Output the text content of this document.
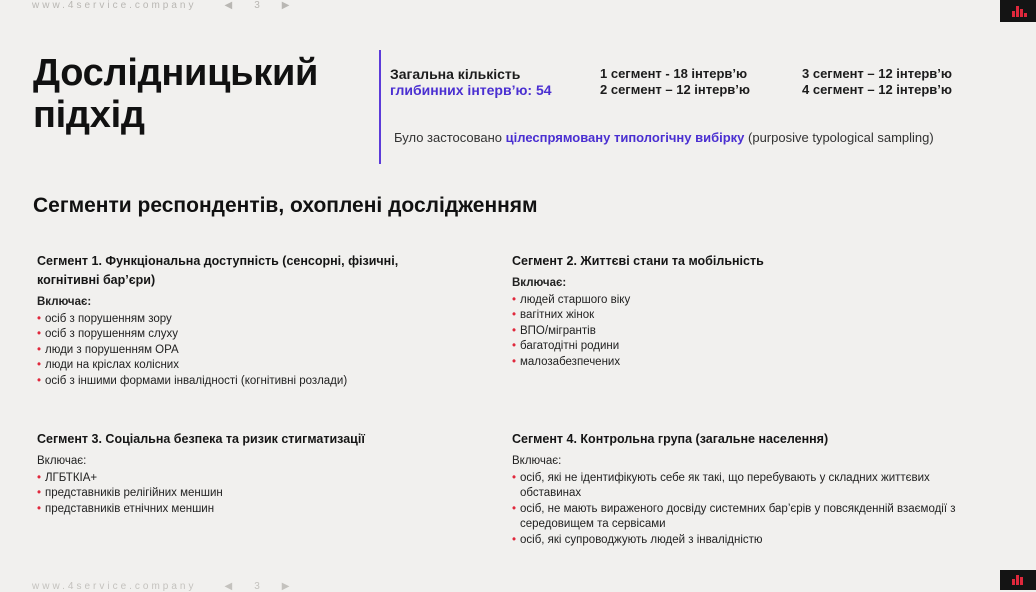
www.4service.company	◀ 3 ▶
Дослідницький
підхід
Загальна кількість
глибинних інтерв’ю: 54
1 сегмент - 18 інтерв’ю
2 сегмент – 12 інтерв’ю
3 сегмент – 12 інтерв’ю
4 сегмент – 12 інтерв’ю
Було застосовано цілеспрямовану типологічну вибірку (purposive typological sampling)
Сегменти респондентів, охоплені дослідженням
Сегмент 1. Функціональна доступність (сенсорні, фізичні, когнітивні бар’єри)
Включає:
• осіб з порушенням зору
• осіб з порушенням слуху
• люди з порушенням ОРА
• люди на кріслах колісних
• осіб з іншими формами інвалідності (когнітивні розлади)
Сегмент 2. Життєві стани та мобільність
Включає:
• людей старшого віку
• вагітних жінок
• ВПО/мігрантів
• багатодітні родини
• малозабезпечених
Сегмент 3. Соціальна безпека та ризик стигматизації
Включає:
• ЛГБТКІА+
• представників релігійних меншин
• представників етнічних меншин
Сегмент 4. Контрольна група (загальне населення)
Включає:
• осіб, які не ідентифікують себе як такі, що перебувають у складних життєвих обставинах
• осіб, не мають вираженого досвіду системних бар’єрів у повсякденній взаємодії з середовищем та сервісами
• осіб, які супроводжують людей з інвалідністю
www.4service.company	◀ 3 ▶
